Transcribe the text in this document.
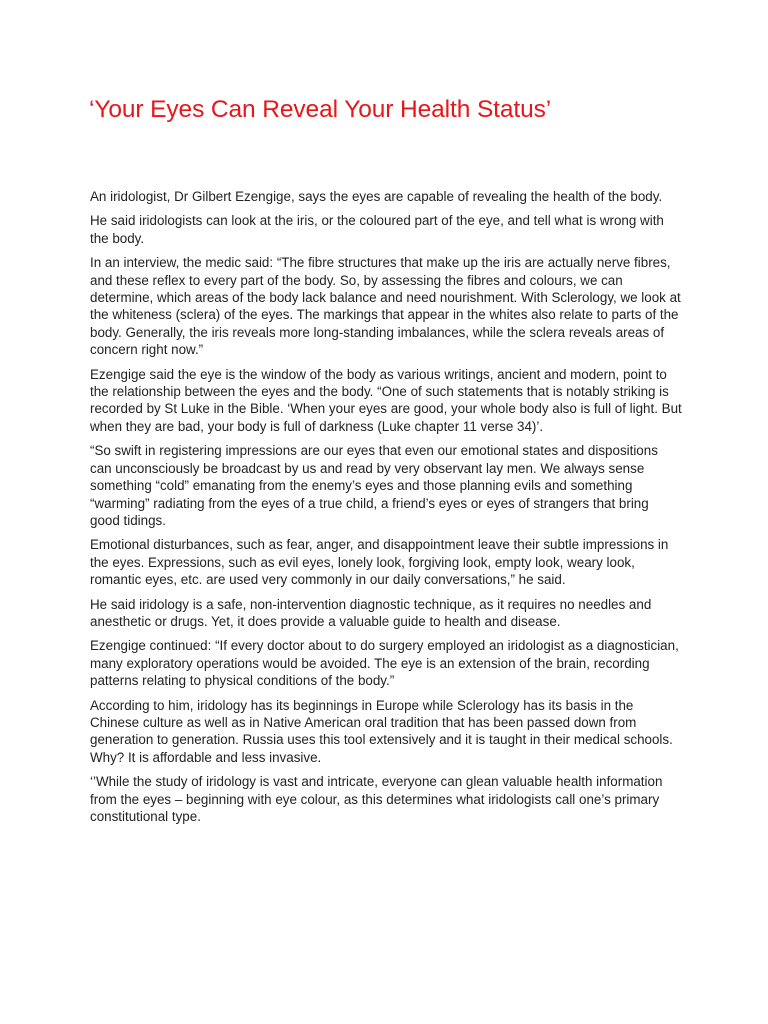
‘Your Eyes Can Reveal Your Health Status’

An iridologist, Dr Gilbert Ezengige, says the eyes are capable of revealing the health of the body.

He said iridologists can look at the iris, or the coloured part of the eye, and tell what is wrong with the body.

In an interview, the medic said: “The fibre structures that make up the iris are actually nerve fibres, and these reflex to every part of the body. So, by assessing the fibres and colours, we can determine, which areas of the body lack balance and need nourishment. With Sclerology, we look at the whiteness (sclera) of the eyes. The markings that appear in the whites also relate to parts of the body. Generally, the iris reveals more long-standing imbalances, while the sclera reveals areas of concern right now.”

Ezengige said the eye is the window of the body as various writings, ancient and modern, point to the relationship between the eyes and the body. “One of such statements that is notably striking is recorded by St Luke in the Bible. ‘When your eyes are good, your whole body also is full of light. But when they are bad, your body is full of darkness (Luke chapter 11 verse 34)’.

“So swift in registering impressions are our eyes that even our emotional states and dispositions can unconsciously be broadcast by us and read by very observant lay men. We always sense something “cold” emanating from the enemy’s eyes and those planning evils and something “warming” radiating from the eyes of a true child, a friend’s eyes or eyes of strangers that bring good tidings.

Emotional disturbances, such as fear, anger, and disappointment leave their subtle impressions in the eyes. Expressions, such as evil eyes, lonely look, forgiving look, empty look, weary look, romantic eyes, etc. are used very commonly in our daily conversations,” he said.

He said iridology is a safe, non-intervention diagnostic technique, as it requires no needles and anesthetic or drugs. Yet, it does provide a valuable guide to health and disease.

Ezengige continued: “If every doctor about to do surgery employed an iridologist as a diagnostician, many exploratory operations would be avoided. The eye is an extension of the brain, recording patterns relating to physical conditions of the body.”

According to him, iridology has its beginnings in Europe while Sclerology has its basis in the Chinese culture as well as in Native American oral tradition that has been passed down from generation to generation. Russia uses this tool extensively and it is taught in their medical schools. Why? It is affordable and less invasive.

‘’While the study of iridology is vast and intricate, everyone can glean valuable health information from the eyes – beginning with eye colour, as this determines what iridologists call one’s primary constitutional type.
